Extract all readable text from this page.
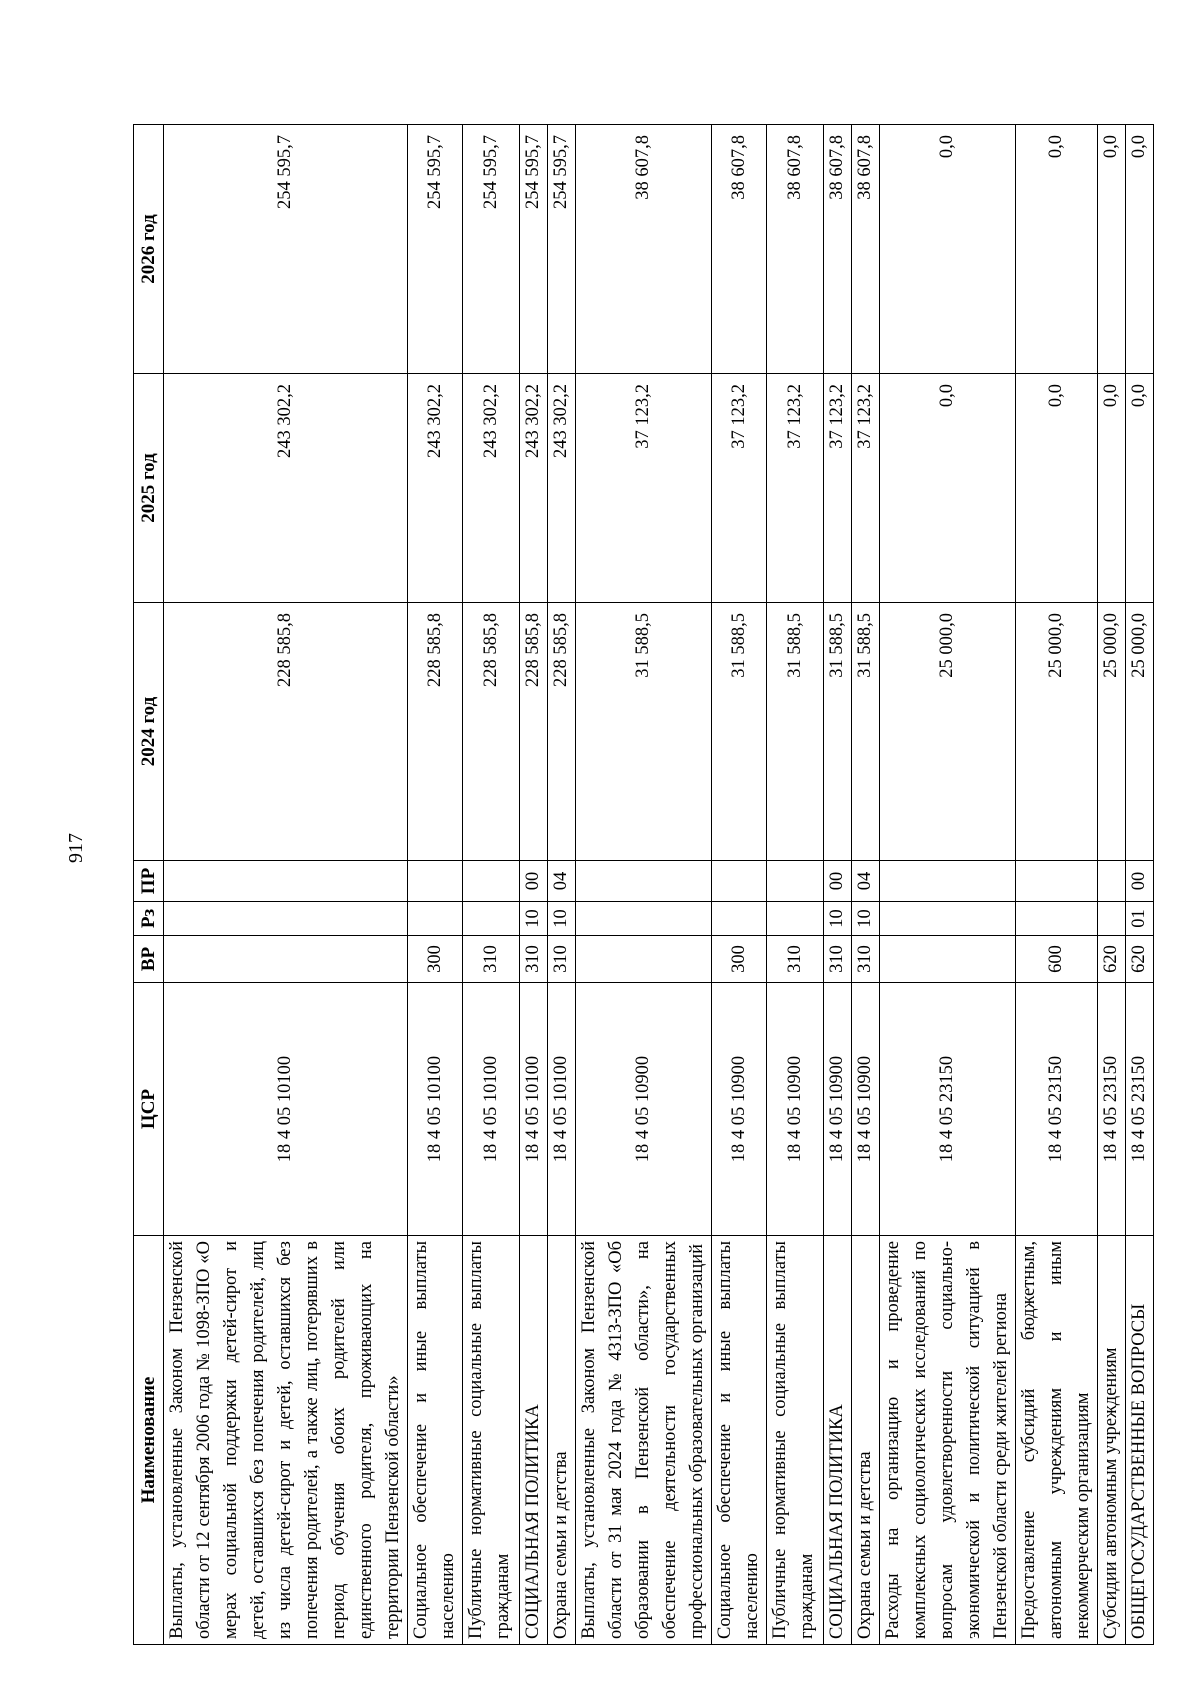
917
Наименование	ЦСР	ВР	Рз	ПР	2024 год	2025 год	2026 год
Выплаты, установленные Законом Пензенской области от 12 сентября 2006 года № 1098-ЗПО «О мерах социальной поддержки детей-сирот и детей, оставшихся без попечения родителей, лиц из числа детей-сирот и детей, оставшихся без попечения родителей, а также лиц, потерявших в период обучения обоих родителей или единственного родителя, проживающих на территории Пензенской области»	18 4 05 10100				228 585,8	243 302,2	254 595,7
Социальное обеспечение и иные выплаты населению	18 4 05 10100	300			228 585,8	243 302,2	254 595,7
Публичные нормативные социальные выплаты гражданам	18 4 05 10100	310			228 585,8	243 302,2	254 595,7
СОЦИАЛЬНАЯ ПОЛИТИКА	18 4 05 10100	310	10	00	228 585,8	243 302,2	254 595,7
Охрана семьи и детства	18 4 05 10100	310	10	04	228 585,8	243 302,2	254 595,7
Выплаты, установленные Законом Пензенской области от 31 мая 2024 года № 4313-ЗПО «Об образовании в Пензенской области», на обеспечение деятельности государственных профессиональных образовательных организаций	18 4 05 10900				31 588,5	37 123,2	38 607,8
Социальное обеспечение и иные выплаты населению	18 4 05 10900	300			31 588,5	37 123,2	38 607,8
Публичные нормативные социальные выплаты гражданам	18 4 05 10900	310			31 588,5	37 123,2	38 607,8
СОЦИАЛЬНАЯ ПОЛИТИКА	18 4 05 10900	310	10	00	31 588,5	37 123,2	38 607,8
Охрана семьи и детства	18 4 05 10900	310	10	04	31 588,5	37 123,2	38 607,8
Расходы на организацию и проведение комплексных социологических исследований по вопросам удовлетворенности социально-экономической и политической ситуацией в Пензенской области среди жителей региона	18 4 05 23150				25 000,0	0,0	0,0
Предоставление субсидий бюджетным, автономным учреждениям и иным некоммерческим организациям	18 4 05 23150	600			25 000,0	0,0	0,0
Субсидии автономным учреждениям	18 4 05 23150	620			25 000,0	0,0	0,0
ОБЩЕГОСУДАРСТВЕННЫЕ ВОПРОСЫ	18 4 05 23150	620	01	00	25 000,0	0,0	0,0
